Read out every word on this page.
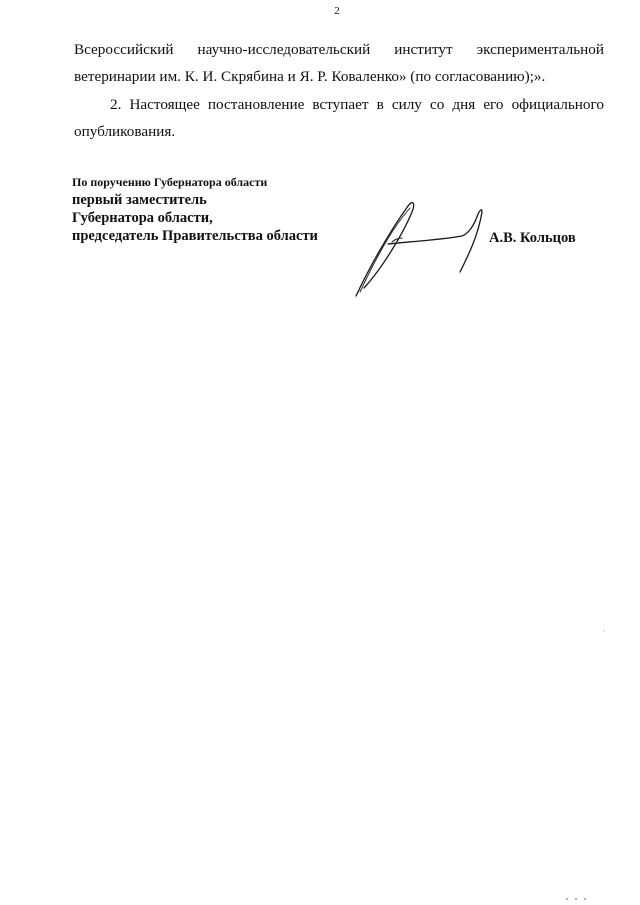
2
Всероссийский научно-исследовательский институт экспериментальной
ветеринарии им. К. И. Скрябина и Я. Р. Коваленко» (по согласованию);».
2. Настоящее постановление вступает в силу со дня его официального
опубликования.
По поручению Губернатора области
первый заместитель
Губернатора области,
председатель Правительства области	А.В. Кольцов
